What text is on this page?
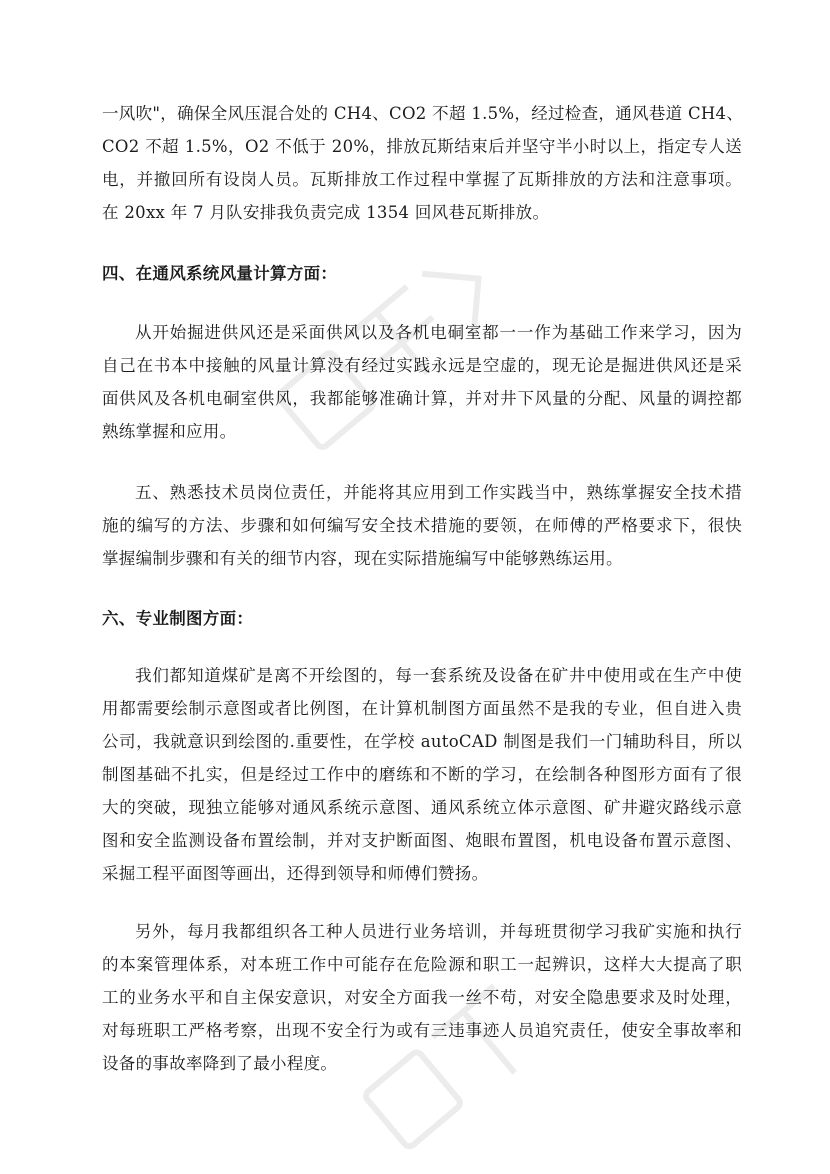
一风吹"，确保全风压混合处的 CH4、CO2 不超 1.5%，经过检查，通风巷道 CH4、
CO2 不超 1.5%，O2 不低于 20%，排放瓦斯结束后并坚守半小时以上，指定专人送
电，并撤回所有设岗人员。瓦斯排放工作过程中掌握了瓦斯排放的方法和注意事项。
在 20xx 年 7 月队安排我负责完成 1354 回风巷瓦斯排放。
四、在通风系统风量计算方面：
从开始掘进供风还是采面供风以及各机电硐室都一一作为基础工作来学习，因为
自己在书本中接触的风量计算没有经过实践永远是空虚的，现无论是掘进供风还是采
面供风及各机电硐室供风，我都能够准确计算，并对井下风量的分配、风量的调控都
熟练掌握和应用。
五、熟悉技术员岗位责任，并能将其应用到工作实践当中，熟练掌握安全技术措
施的编写的方法、步骤和如何编写安全技术措施的要领，在师傅的严格要求下，很快
掌握编制步骤和有关的细节内容，现在实际措施编写中能够熟练运用。
六、专业制图方面：
我们都知道煤矿是离不开绘图的，每一套系统及设备在矿井中使用或在生产中使
用都需要绘制示意图或者比例图，在计算机制图方面虽然不是我的专业，但自进入贵
公司，我就意识到绘图的.重要性，在学校 autoCAD 制图是我们一门辅助科目，所以
制图基础不扎实，但是经过工作中的磨练和不断的学习，在绘制各种图形方面有了很
大的突破，现独立能够对通风系统示意图、通风系统立体示意图、矿井避灾路线示意
图和安全监测设备布置绘制，并对支护断面图、炮眼布置图，机电设备布置示意图、
采掘工程平面图等画出，还得到领导和师傅们赞扬。
另外，每月我都组织各工种人员进行业务培训，并每班贯彻学习我矿实施和执行
的本案管理体系，对本班工作中可能存在危险源和职工一起辨识，这样大大提高了职
工的业务水平和自主保安意识，对安全方面我一丝不苟，对安全隐患要求及时处理，
对每班职工严格考察，出现不安全行为或有三违事迹人员追究责任，使安全事故率和
设备的事故率降到了最小程度。
